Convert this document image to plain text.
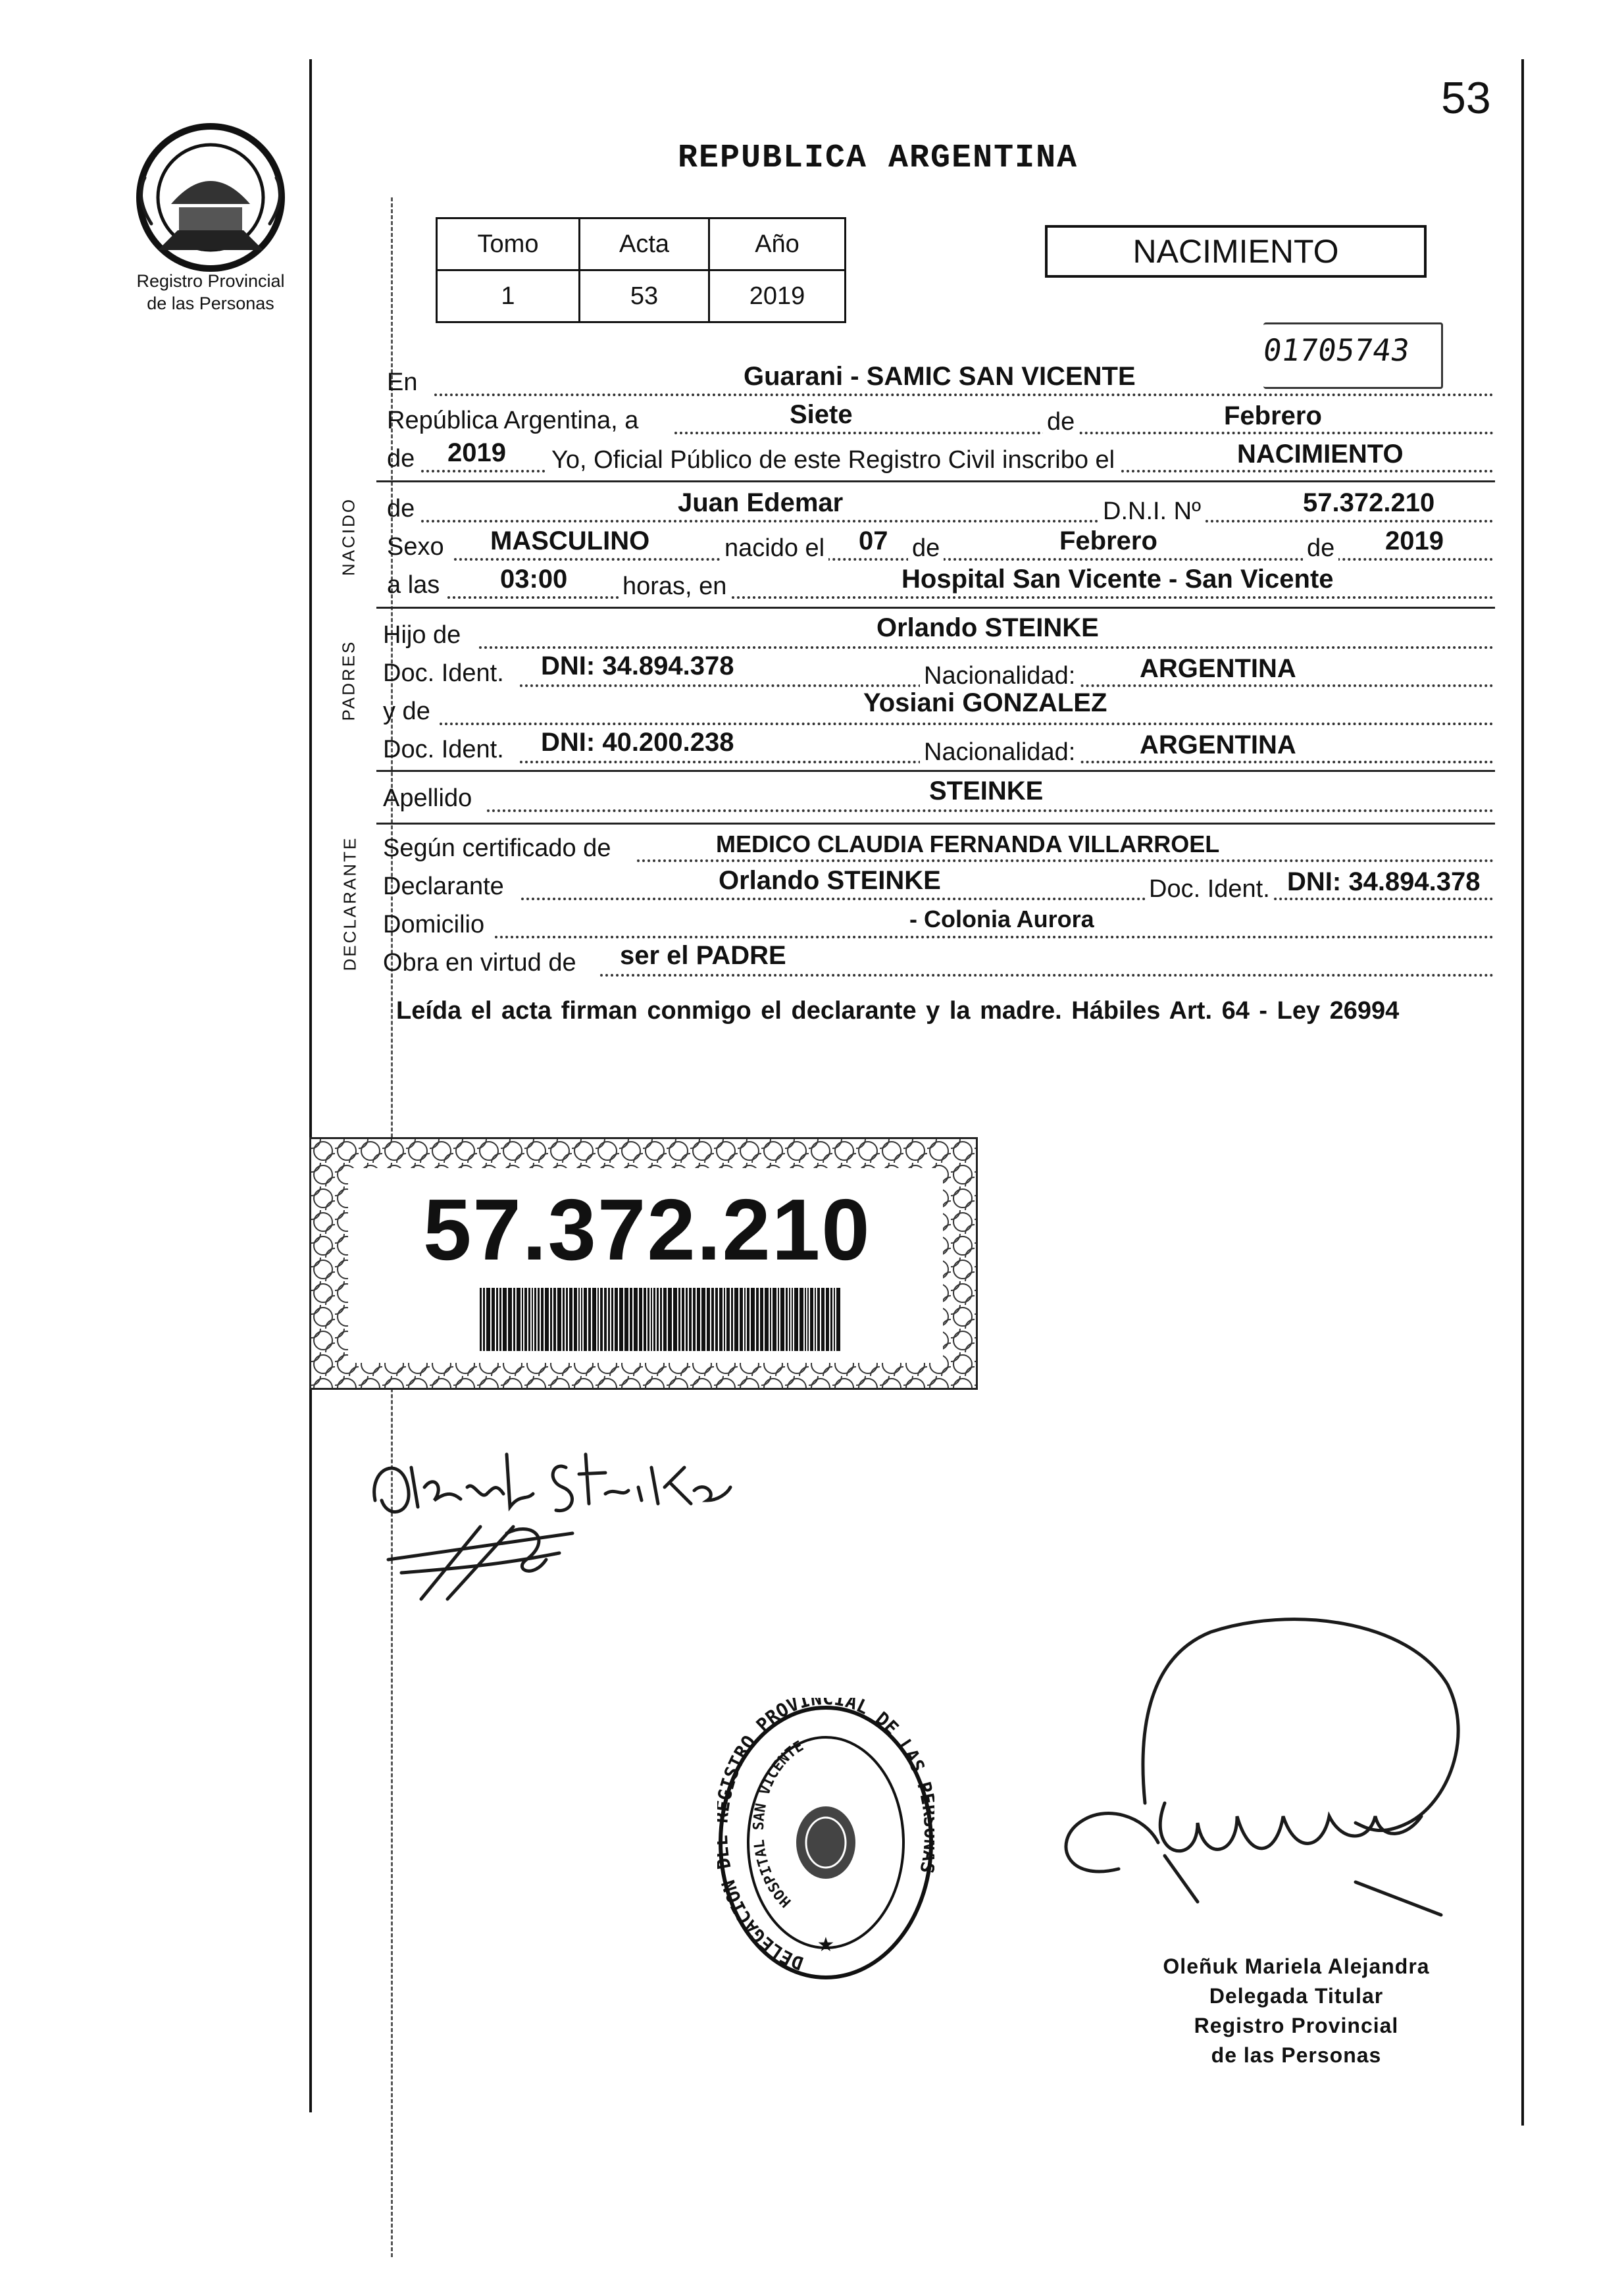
53
Registro Provincial
de las Personas
REPUBLICA ARGENTINA
Tomo	Acta	Año
1	53	2019
NACIMIENTO
01705743
En	Guarani - SAMIC SAN VICENTE
República Argentina, a	Siete	de	Febrero
de 2019 Yo, Oficial Público de este Registro Civil inscribo el	NACIMIENTO
NACIDO de	Juan Edemar	D.N.I. Nº	57.372.210
Sexo MASCULINO	nacido el 07 de	Febrero	de 2019
a las 03:00 horas, en	Hospital San Vicente - San Vicente
PADRES
Hijo de	Orlando STEINKE
Doc. Ident. DNI: 34.894.378	Nacionalidad: ARGENTINA
y de	Yosiani GONZALEZ
Doc. Ident. DNI: 40.200.238	Nacionalidad: ARGENTINA
Apellido	STEINKE
DECLARANTE Según certificado de	MEDICO CLAUDIA FERNANDA VILLARROEL
Declarante	Orlando STEINKE	Doc. Ident. DNI: 34.894.378
Domicilio	- Colonia Aurora
Obra en virtud de ser el PADRE
Leída el acta firman conmigo el declarante y la madre. Hábiles Art. 64 - Ley 26994
57.372.210
DELEGACION ISTRO PROVINCIAL DE LAS P
HOSPITAL SAN VICENTE
★
Oleñuk Mariela Alejandra
Delegada Titular
Registro Provincial
de las Personas
